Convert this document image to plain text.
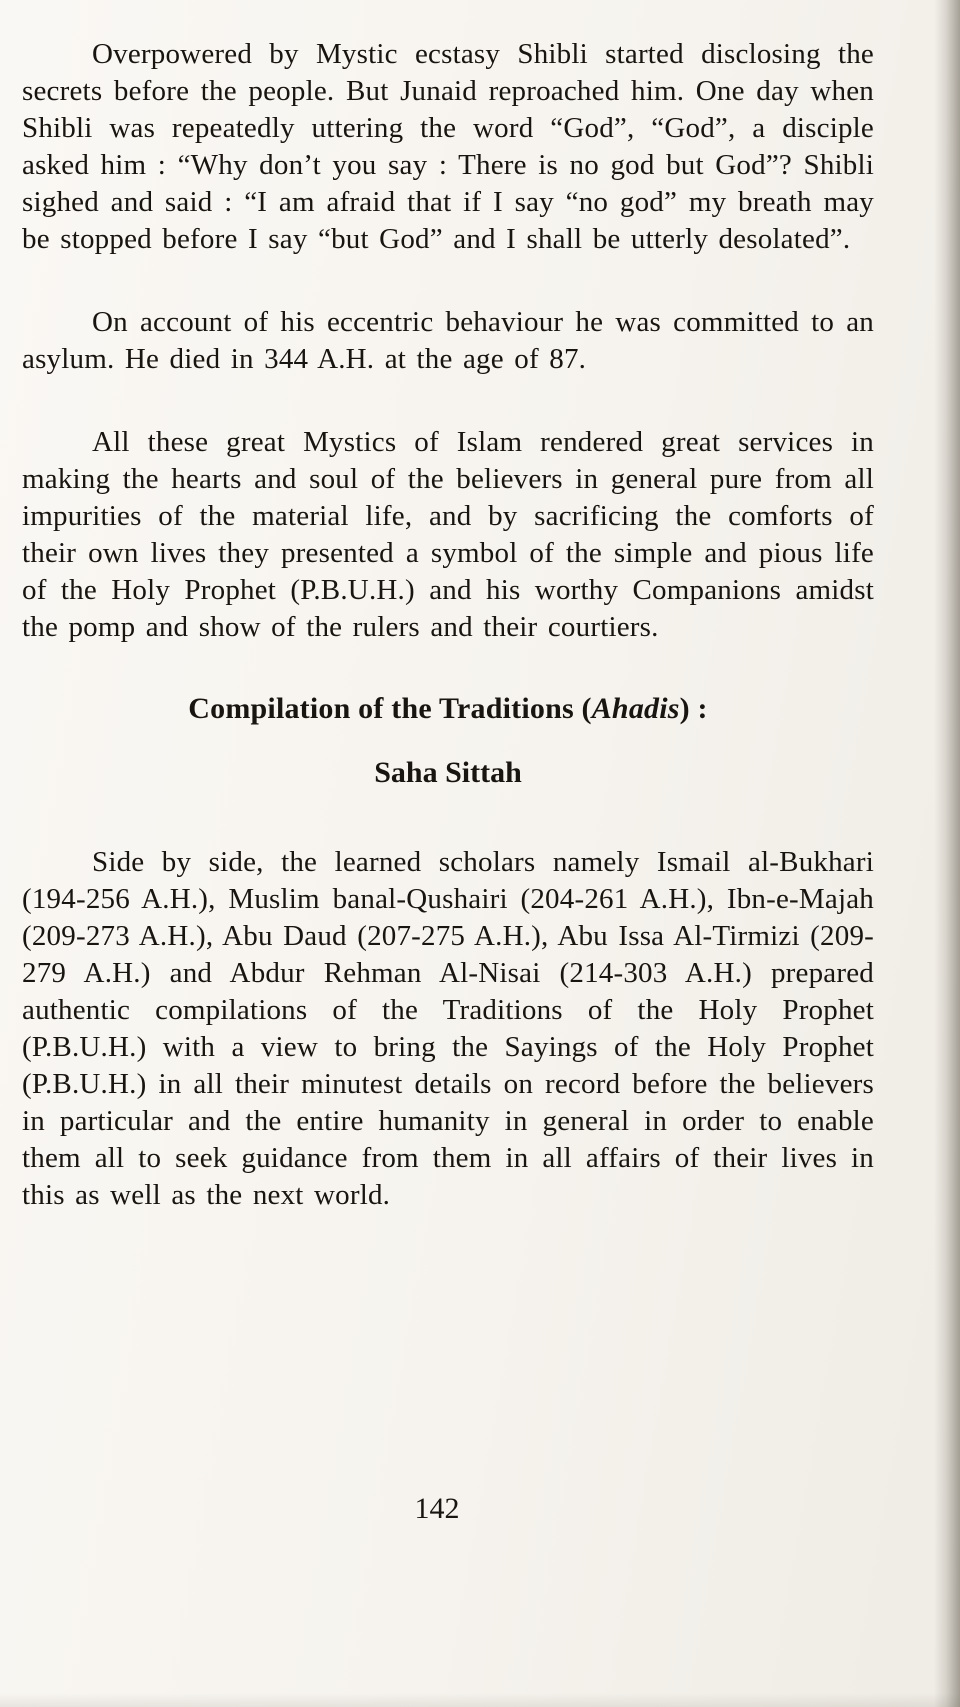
Overpowered by Mystic ecstasy Shibli started disclosing the secrets before the people. But Junaid reproached him. One day when Shibli was repeatedly uttering the word “God”, “God”, a disciple asked him : “Why don’t you say : There is no god but God”? Shibli sighed and said : “I am afraid that if I say “no god” my breath may be stopped before I say “but God” and I shall be utterly desolated”.

On account of his eccentric behaviour he was committed to an asylum. He died in 344 A.H. at the age of 87.

All these great Mystics of Islam rendered great services in making the hearts and soul of the believers in general pure from all impurities of the material life, and by sacrificing the comforts of their own lives they presented a symbol of the simple and pious life of the Holy Prophet (P.B.U.H.) and his worthy Companions amidst the pomp and show of the rulers and their courtiers.

Compilation of the Traditions (Ahadis) :
Saha Sittah

Side by side, the learned scholars namely Ismail al-Bukhari (194-256 A.H.), Muslim banal-Qushairi (204-261 A.H.), Ibn-e-Majah (209-273 A.H.), Abu Daud (207-275 A.H.), Abu Issa Al-Tirmizi (209-279 A.H.) and Abdur Rehman Al-Nisai (214-303 A.H.) prepared authentic compilations of the Traditions of the Holy Prophet (P.B.U.H.) with a view to bring the Sayings of the Holy Prophet (P.B.U.H.) in all their minutest details on record before the believers in particular and the entire humanity in general in order to enable them all to seek guidance from them in all affairs of their lives in this as well as the next world.

142
